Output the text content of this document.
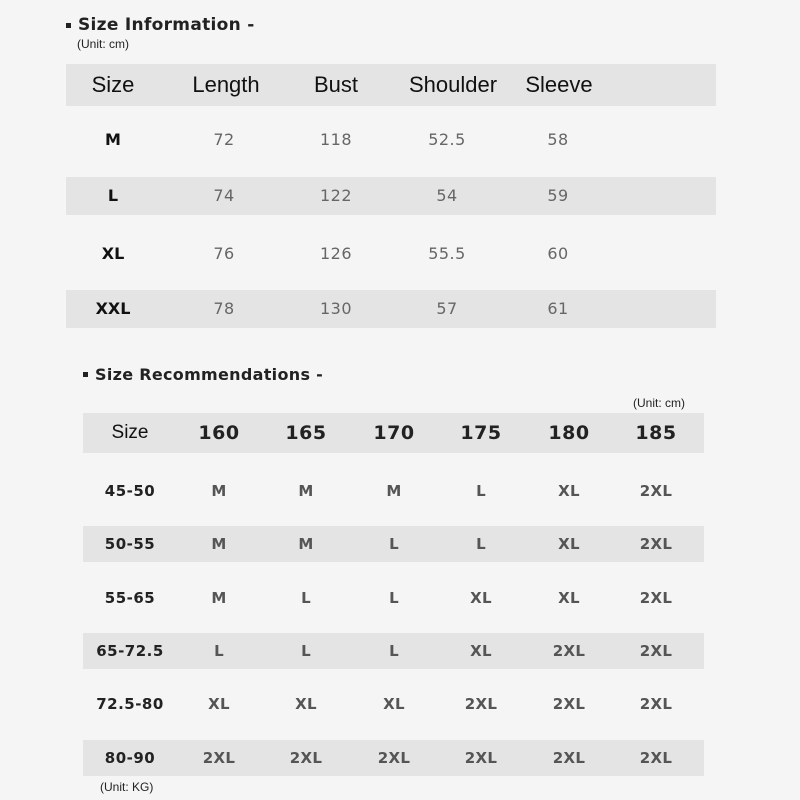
Size Information -
(Unit: cm)
Size	Length Bust Shoulder Sleeve
M	72	118	52.5	58
L	74	122	54	59
XL	76	126	55.5	60
XXL	78	130	57	61
Size Recommendations -
(Unit: cm)
Size	160 165 170 175 180 185
45-50	M	M	M	L	XL	2XL
50-55	M	M	L	L	XL	2XL
55-65	M	L	L	XL	XL	2XL
65-72.5	L	L	L	XL	2XL	2XL
72.5-80	XL	XL	XL	2XL	2XL	2XL
80-90	2XL	2XL	2XL	2XL	2XL	2XL
(Unit: KG)
